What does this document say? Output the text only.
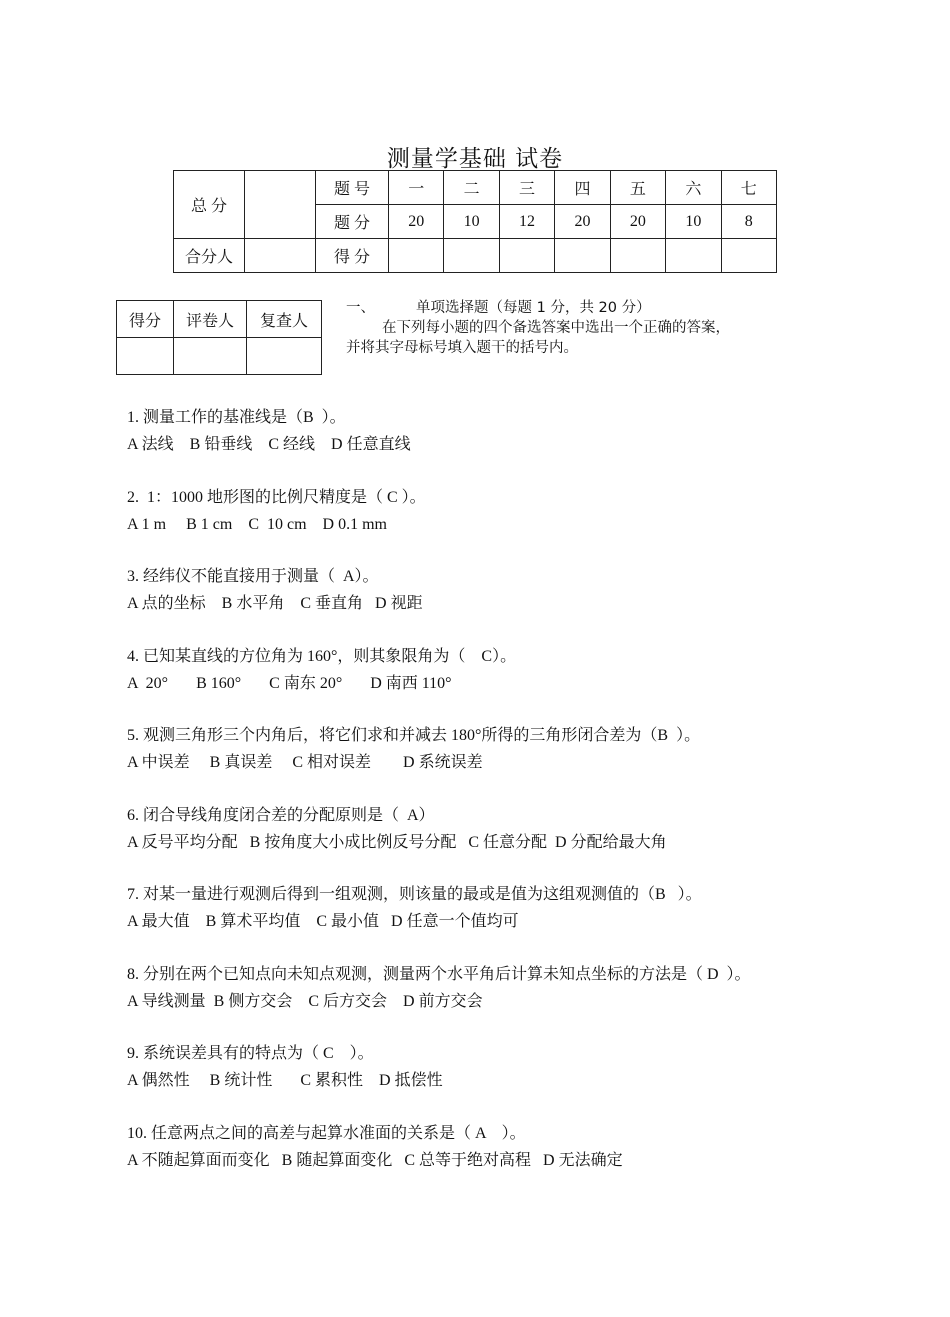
测量学基础 试卷
总 分		题 号	一	二	三	四	五	六	七
		题 分	20	10	12	20	20	10	8
合分人		得 分							
得分	评卷人	复查人

一、	单项选择题（每题 1 分，共 20 分）
在下列每小题的四个备选答案中选出一个正确的答案，
并将其字母标号填入题干的括号内。
1. 测量工作的基准线是（B  ）。
A 法线    B 铅垂线    C 经线    D 任意直线
2.  1：1000 地形图的比例尺精度是（ C ）。
A 1 m     B 1 cm    C  10 cm    D 0.1 mm
3. 经纬仪不能直接用于测量（  A）。
A 点的坐标    B 水平角    C 垂直角   D 视距
4. 已知某直线的方位角为 160°，则其象限角为（    C）。
A  20°       B 160°       C 南东 20°       D 南西 110°
5. 观测三角形三个内角后，将它们求和并减去 180°所得的三角形闭合差为（B  ）。
A 中误差     B 真误差     C 相对误差        D 系统误差
6. 闭合导线角度闭合差的分配原则是（  A）
A 反号平均分配   B 按角度大小成比例反号分配   C 任意分配  D 分配给最大角
7. 对某一量进行观测后得到一组观测，则该量的最或是值为这组观测值的（B   ）。
A 最大值    B 算术平均值    C 最小值   D 任意一个值均可
8. 分别在两个已知点向未知点观测，测量两个水平角后计算未知点坐标的方法是（ D  ）。
A 导线测量  B 侧方交会    C 后方交会    D 前方交会
9. 系统误差具有的特点为（ C    ）。
A 偶然性     B 统计性       C 累积性    D 抵偿性
10. 任意两点之间的高差与起算水准面的关系是（ A    ）。
A 不随起算面而变化   B 随起算面变化   C 总等于绝对高程   D 无法确定
